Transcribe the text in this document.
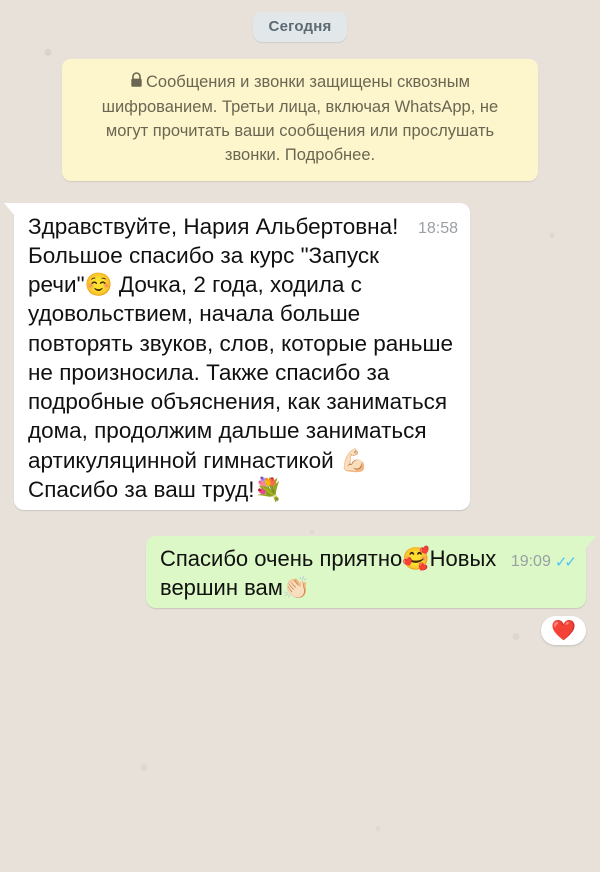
Сегодня
Сообщения и звонки защищены сквозным шифрованием. Третьи лица, включая WhatsApp, не могут прочитать ваши сообщения или прослушать звонки. Подробнее.
18:58
Здравствуйте, Нария Альбертовна! Большое спасибо за курс "Запуск речи"☺️ Дочка, 2 года, ходила с удовольствием, начала больше повторять звуков, слов, которые раньше не произносила. Также спасибо за подробные объяснения, как заниматься дома, продолжим дальше заниматься артикуляцинной гимнастикой 💪🏻 Спасибо за ваш труд!💐
19:09 ✓✓
Спасибо очень приятно🥰Новых вершин вам👏🏻
❤️
